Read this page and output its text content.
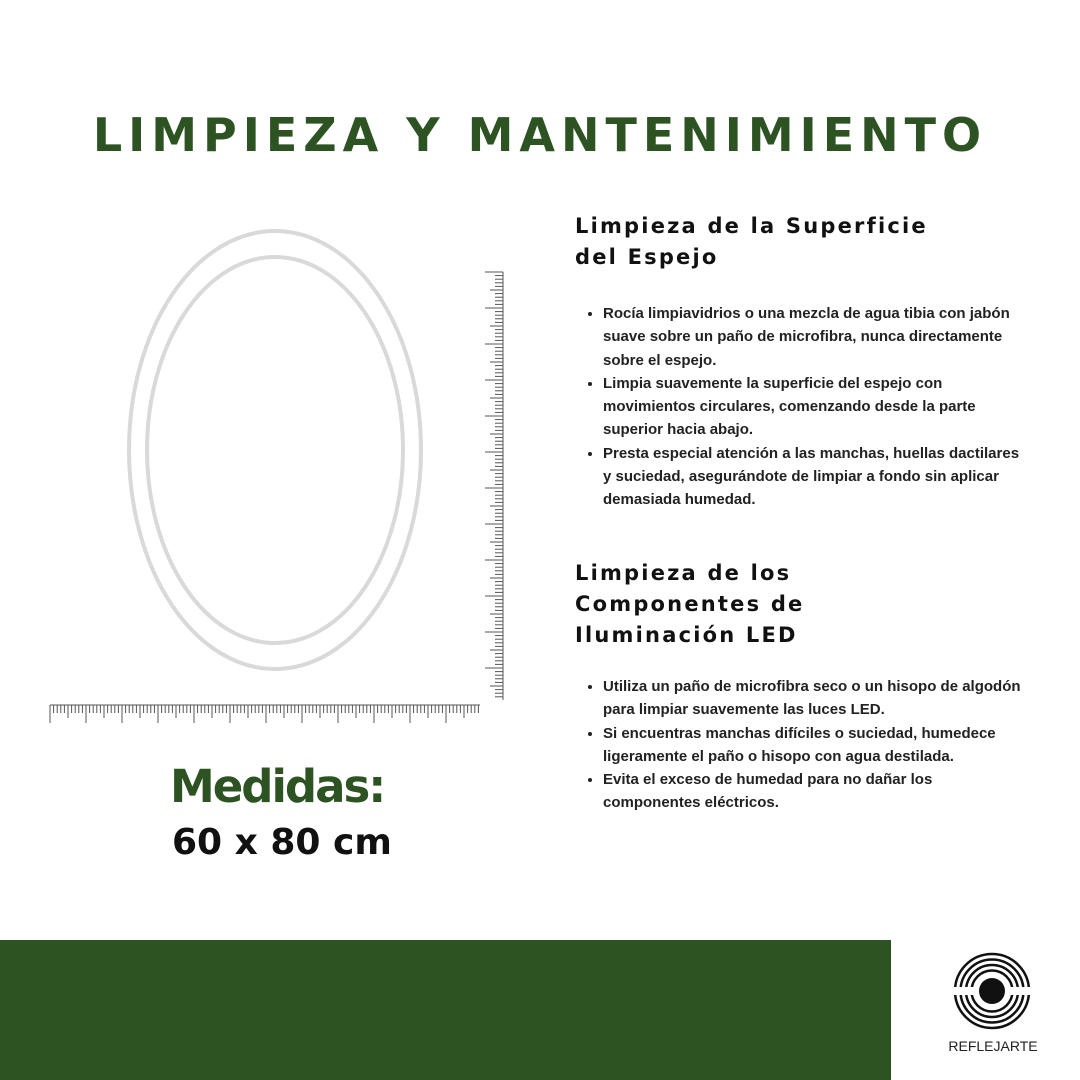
LIMPIEZA Y MANTENIMIENTO
Limpieza de la Superficie
del Espejo
• Rocía limpiavidrios o una mezcla de agua tibia con jabón suave sobre un paño de microfibra, nunca directamente sobre el espejo.
• Limpia suavemente la superficie del espejo con movimientos circulares, comenzando desde la parte superior hacia abajo.
• Presta especial atención a las manchas, huellas dactilares y suciedad, asegurándote de limpiar a fondo sin aplicar demasiada humedad.
Limpieza de los
Componentes de
Iluminación LED
• Utiliza un paño de microfibra seco o un hisopo de algodón para limpiar suavemente las luces LED.
• Si encuentras manchas difíciles o suciedad, humedece ligeramente el paño o hisopo con agua destilada.
• Evita el exceso de humedad para no dañar los componentes eléctricos.
Medidas:
60 x 80 cm
REFLEJARTE
